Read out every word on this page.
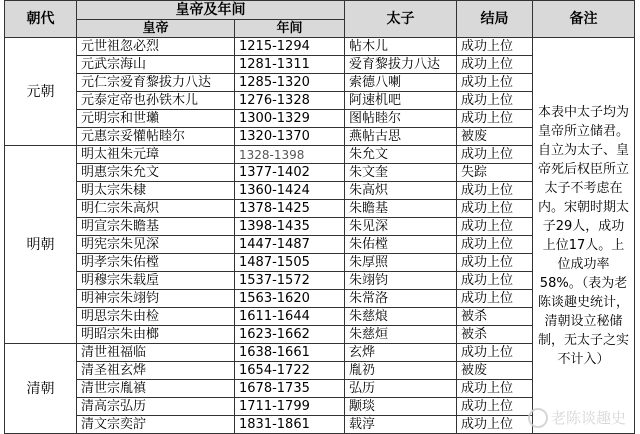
朝代	皇帝及年间		太子	结局	备注
	皇帝	年间			
元朝	元世祖忽必烈	1215-1294	帖木儿	成功上位	本表中太子均为皇帝所立储君。自立为太子、皇帝死后权臣所立太子不考虑在内。宋朝时期太子29人，成功上位17人。上位成功率58%。（表为老陈谈趣史统计，清朝设立秘储制，无太子之实不计入）
	元武宗海山	1281-1311	爱育黎拔力八达	成功上位	
	元仁宗爱育黎拔力八达	1285-1320	索德八喇	成功上位	
	元泰定帝也孙铁木儿	1276-1328	阿速机吧	成功上位	
	元明宗和世瓎	1300-1329	图帖睦尔	成功上位	
	元惠宗妥懽帖睦尔	1320-1370	燕帖古思	被废	
明朝	明太祖朱元璋	1328-1398	朱允文	成功上位	
	明惠宗朱允文	1377-1402	朱文奎	失踪	
	明太宗朱棣	1360-1424	朱高炽	成功上位	
	明仁宗朱高炽	1378-1425	朱瞻基	成功上位	
	明宣宗朱瞻基	1398-1435	朱见深	成功上位	
	明宪宗朱见深	1447-1487	朱佑樘	成功上位	
	明孝宗朱佑樘	1487-1505	朱厚照	成功上位	
	明穆宗朱载垕	1537-1572	朱翊钧	成功上位	
	明神宗朱翊钧	1563-1620	朱常洛	成功上位	
	明思宗朱由检	1611-1644	朱慈烺	被杀	
	明昭宗朱由榔	1623-1662	朱慈烜	被杀	
清朝	清世祖福临	1638-1661	玄烨	成功上位	
	清圣祖玄烨	1654-1722	胤礽	被废	
	清世宗胤禛	1678-1735	弘历	成功上位	
	清高宗弘历	1711-1799	颙琰	成功上位	
	清文宗奕詝	1831-1861	载淳	成功上位		老陈谈趣史
